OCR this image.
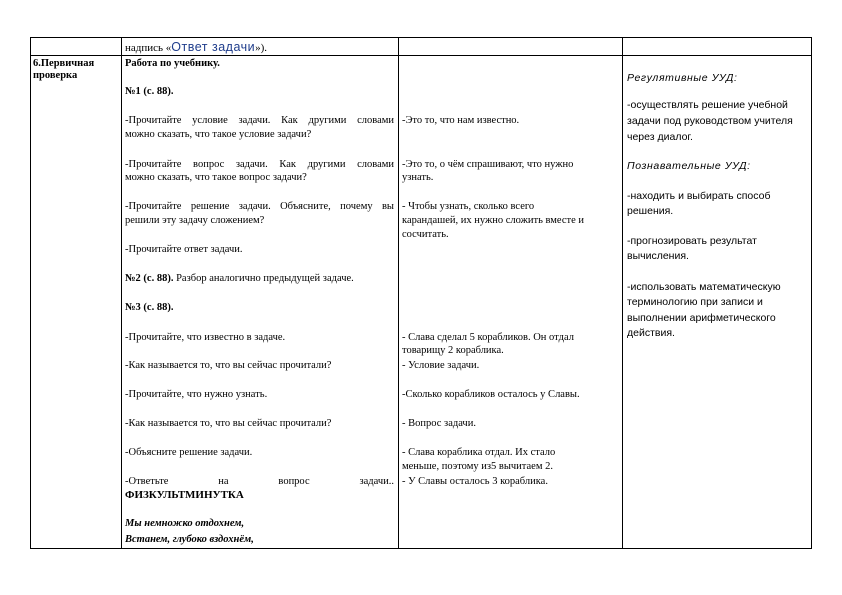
надпись «Ответ задачи»).
6.Первичная
проверка
Работа по учебнику.
№1 (с. 88).
-Прочитайте условие задачи. Как другими словами
можно сказать, что такое условие задачи?
-Прочитайте вопрос задачи. Как другими словами
можно сказать, что такое вопрос задачи?
-Прочитайте решение задачи. Объясните, почему вы
решили эту задачу сложением?
-Прочитайте ответ задачи.
№2 (с. 88). Разбор аналогично предыдущей задаче.
№3 (с. 88).
-Прочитайте, что известно в задаче.
-Как называется то, что вы сейчас прочитали?
-Прочитайте, что нужно узнать.
-Как называется то, что вы сейчас прочитали?
-Объясните решение задачи.
-Ответьте на вопрос задачи..
ФИЗКУЛЬТМИНУТКА
Мы немножко отдохнем,
Встанем, глубоко вздохнём,
-Это то, что нам известно.
-Это то, о чём спрашивают, что нужно
узнать.
- Чтобы узнать, сколько всего
карандашей, их нужно сложить вместе и
сосчитать.
- Слава сделал 5 корабликов. Он отдал
товарищу 2 кораблика.
- Условие задачи.
-Сколько корабликов осталось у Славы.
- Вопрос задачи.
- Слава кораблика отдал. Их стало
меньше, поэтому из5 вычитаем 2.
- У Славы осталось 3 кораблика.
Регулятивные УУД:
-осуществлять решение учебной
задачи под руководством учителя
через диалог.
Познавательные УУД:
-находить и выбирать способ
решения.
-прогнозировать результат
вычисления.
-использовать математическую
терминологию при записи и
выполнении арифметического
действия.
